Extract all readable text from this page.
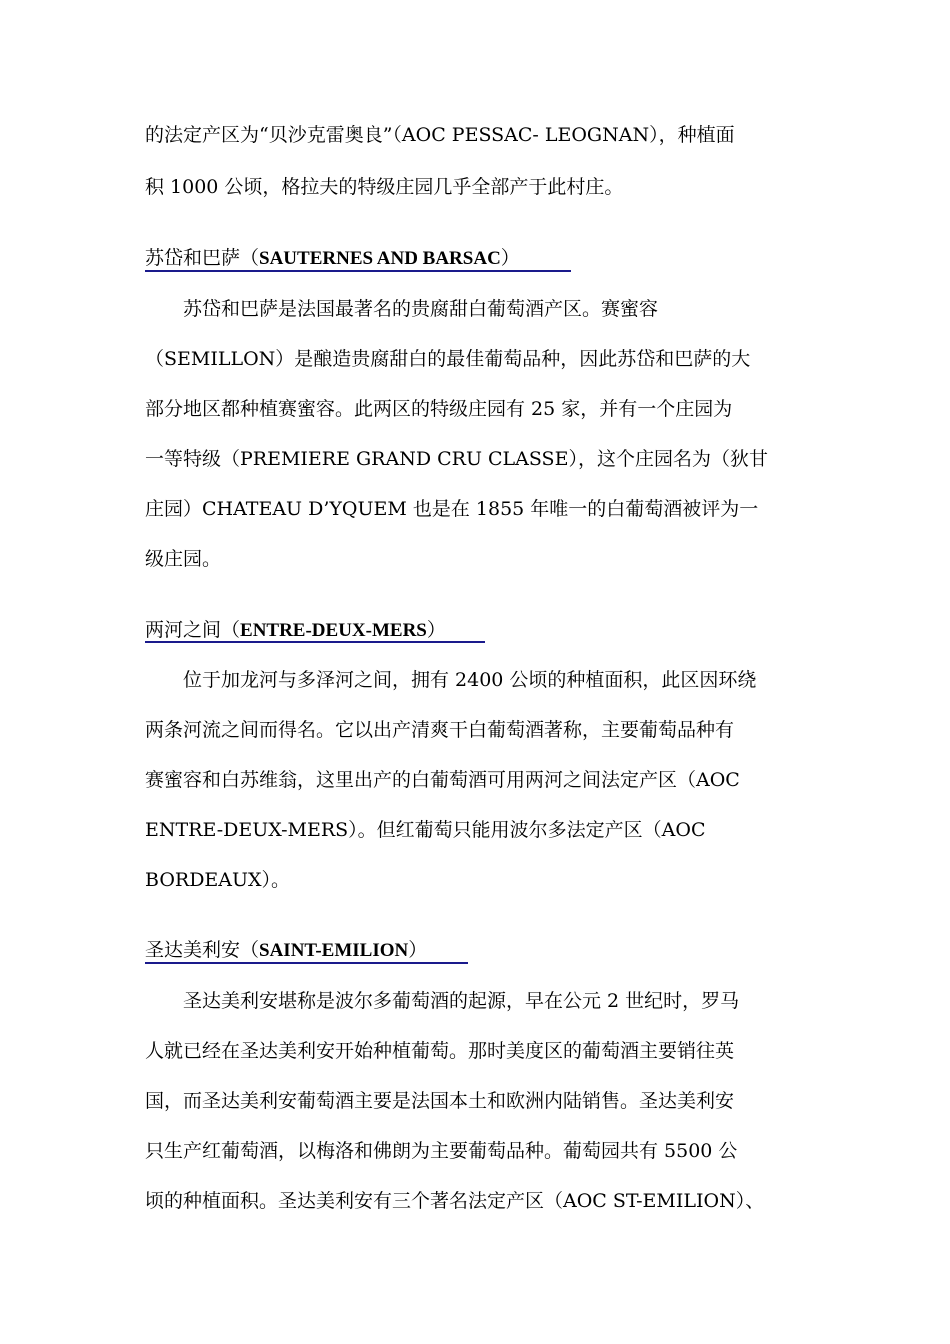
的法定产区为“贝沙克雷奥良”（AOC PESSAC- LEOGNAN），种植面
积 1000 公顷，格拉夫的特级庄园几乎全部产于此村庄。
苏岱和巴萨（SAUTERNES AND BARSAC）
苏岱和巴萨是法国最著名的贵腐甜白葡萄酒产区。赛蜜容
（SEMILLON）是酿造贵腐甜白的最佳葡萄品种，因此苏岱和巴萨的大
部分地区都种植赛蜜容。此两区的特级庄园有 25 家，并有一个庄园为
一等特级（PREMIERE GRAND CRU CLASSE），这个庄园名为（狄甘
庄园）CHATEAU D’YQUEM 也是在 1855 年唯一的白葡萄酒被评为一
级庄园。
两河之间（ENTRE-DEUX-MERS）
位于加龙河与多泽河之间，拥有 2400 公顷的种植面积，此区因环绕
两条河流之间而得名。它以出产清爽干白葡萄酒著称，主要葡萄品种有
赛蜜容和白苏维翁，这里出产的白葡萄酒可用两河之间法定产区（AOC
ENTRE-DEUX-MERS）。但红葡萄只能用波尔多法定产区（AOC
BORDEAUX）。
圣达美利安（SAINT-EMILION）
圣达美利安堪称是波尔多葡萄酒的起源，早在公元 2 世纪时，罗马
人就已经在圣达美利安开始种植葡萄。那时美度区的葡萄酒主要销往英
国，而圣达美利安葡萄酒主要是法国本土和欧洲内陆销售。圣达美利安
只生产红葡萄酒，以梅洛和佛朗为主要葡萄品种。葡萄园共有 5500 公
顷的种植面积。圣达美利安有三个著名法定产区（AOC ST-EMILION）、
